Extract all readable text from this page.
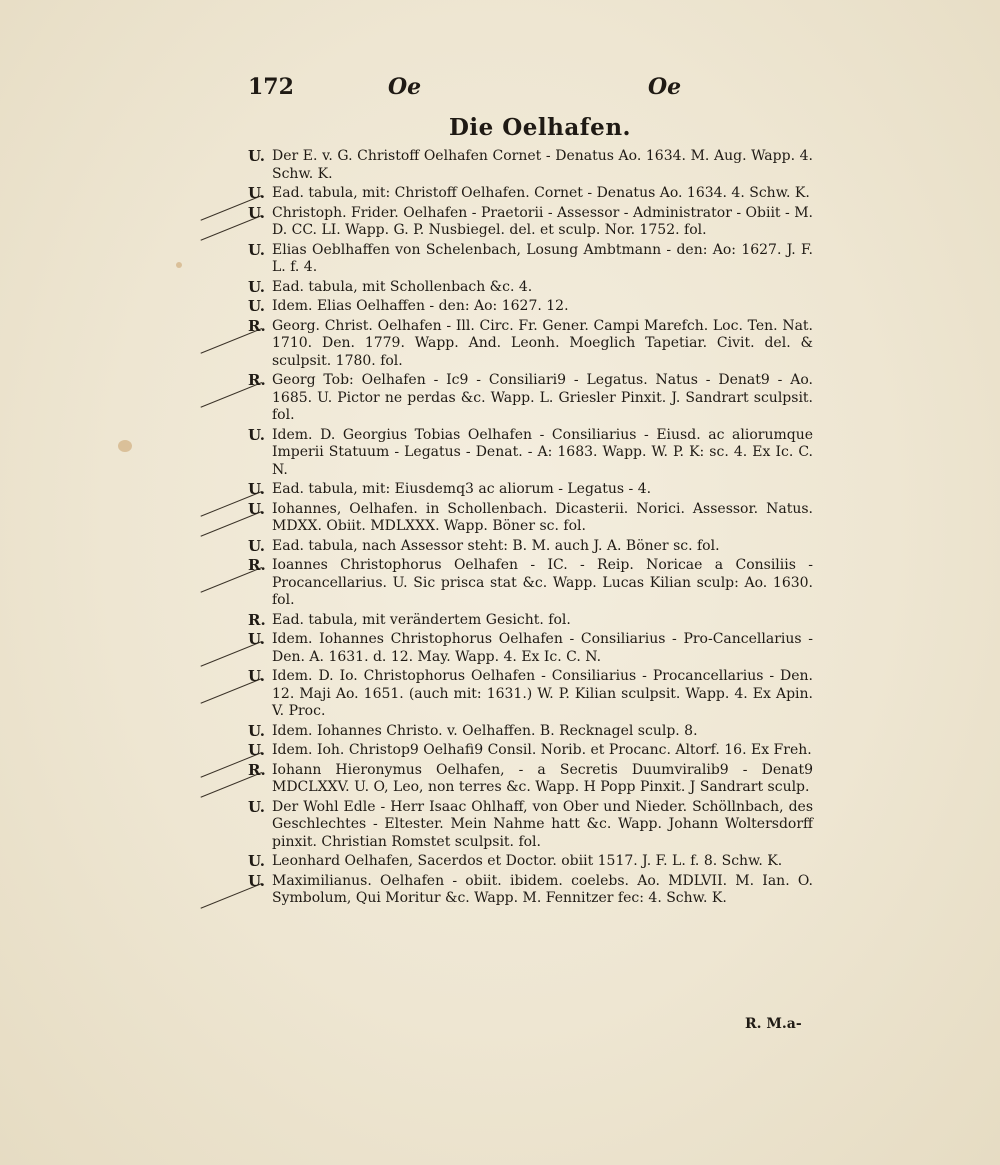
172	Oe	Oe
Die Oelhafen.
U. Der E. v. G. Christoff Oelhafen Cornet - Denatus Ao. 1634. M. Aug. Wapp. 4. Schw. K.
U. Ead. tabula, mit: Christoff Oelhafen. Cornet - Denatus Ao. 1634. 4. Schw. K.
U. Christoph. Frider. Oelhafen - Praetorii - Assessor - Administrator - Obiit - M. D. CC. LI. Wapp. G. P. Nusbiegel. del. et sculp. Nor. 1752. fol.
U. Elias Oeblhaffen von Schelenbach, Losung Ambtmann - den: Ao: 1627. J. F. L. f. 4.
U. Ead. tabula, mit Schollenbach &c. 4.
U. Idem. Elias Oelhaffen - den: Ao: 1627. 12.
R. Georg. Christ. Oelhafen - Ill. Circ. Fr. Gener. Campi Marefch. Loc. Ten. Nat. 1710. Den. 1779. Wapp. And. Leonh. Moeglich Tapetiar. Civit. del. & sculpsit. 1780. fol.
R. Georg Tob: Oelhafen - Ic9 - Consiliari9 - Legatus. Natus - Denat9 - Ao. 1685. U. Pictor ne perdas &c. Wapp. L. Griesler Pinxit. J. Sandrart sculpsit. fol.
U. Idem. D. Georgius Tobias Oelhafen - Consiliarius - Eiusd. ac aliorumque Imperii Statuum - Legatus - Denat. - A: 1683. Wapp. W. P. K: sc. 4. Ex Ic. C. N.
U. Ead. tabula, mit: Eiusdemq3 ac aliorum - Legatus - 4.
U. Iohannes, Oelhafen. in Schollenbach. Dicasterii. Norici. Assessor. Natus. MDXX. Obiit. MDLXXX. Wapp. Böner sc. fol.
U. Ead. tabula, nach Assessor steht: B. M. auch J. A. Böner sc. fol.
R. Ioannes Christophorus Oelhafen - IC. - Reip. Noricae a Consiliis - Procancellarius. U. Sic prisca stat &c. Wapp. Lucas Kilian sculp: Ao. 1630. fol.
R. Ead. tabula, mit verändertem Gesicht. fol.
U. Idem. Iohannes Christophorus Oelhafen - Consiliarius - Pro-Cancellarius - Den. A. 1631. d. 12. May. Wapp. 4. Ex Ic. C. N.
U. Idem. D. Io. Christophorus Oelhafen - Consiliarius - Procancellarius - Den. 12. Maji Ao. 1651. (auch mit: 1631.) W. P. Kilian sculpsit. Wapp. 4. Ex Apin. V. Proc.
U. Idem. Iohannes Christo. v. Oelhaffen. B. Recknagel sculp. 8.
U. Idem. Ioh. Christop9 Oelhafi9 Consil. Norib. et Procanc. Altorf. 16. Ex Freh.
R. Iohann Hieronymus Oelhafen, - a Secretis Duumviralib9 - Denat9 MDCLXXV. U. O, Leo, non terres &c. Wapp. H Popp Pinxit. J Sandrart sculp.
U. Der Wohl Edle - Herr Isaac Ohlhaff, von Ober und Nieder. Schöllnbach, des Geschlechtes - Eltester. Mein Nahme hatt &c. Wapp. Johann Woltersdorff pinxit. Christian Romstet sculpsit. fol.
U. Leonhard Oelhafen, Sacerdos et Doctor. obiit 1517. J. F. L. f. 8. Schw. K.
U. Maximilianus. Oelhafen - obiit. ibidem. coelebs. Ao. MDLVII. M. Ian. O. Symbolum, Qui Moritur &c. Wapp. M. Fennitzer fec: 4. Schw. K.
R. M.a-
